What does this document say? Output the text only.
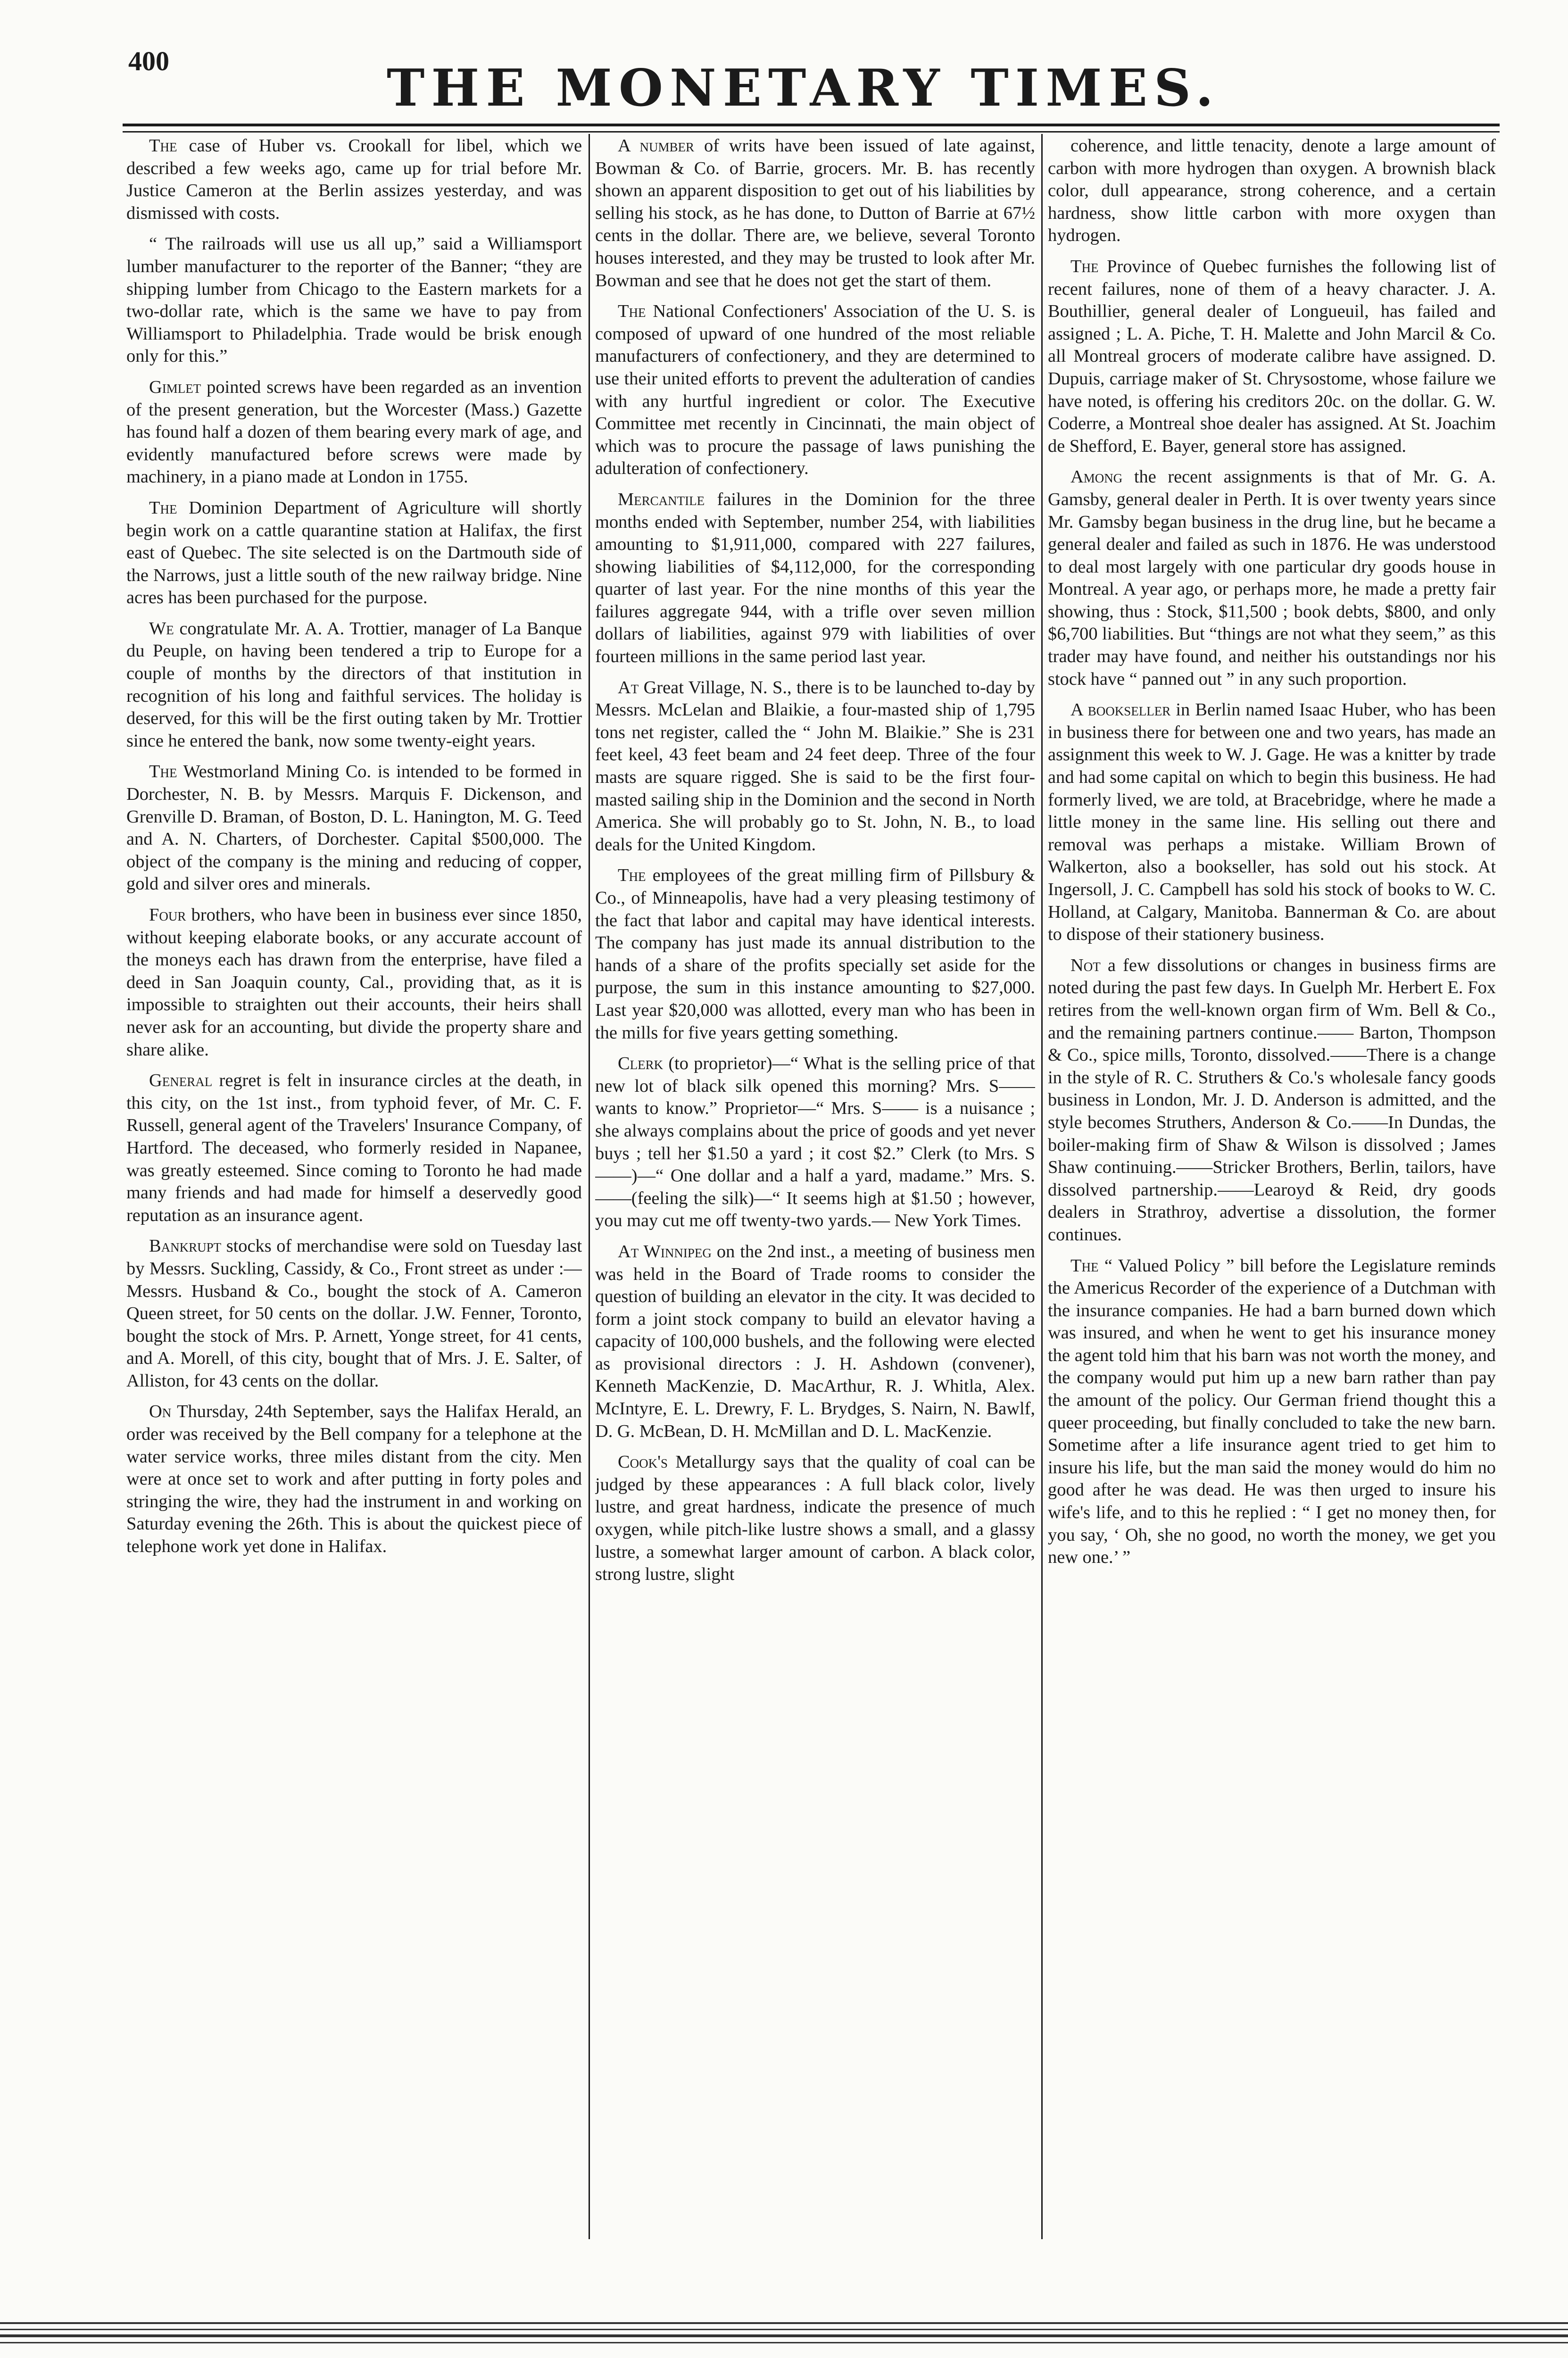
400	THE MONETARY TIMES.

The case of Huber vs. Crookall for libel, which we described a few weeks ago, came up for trial before Mr. Justice Cameron at the Berlin assizes yesterday, and was dismissed with costs.

“ The railroads will use us all up,” said a Williamsport lumber manufacturer to the reporter of the Banner; “they are shipping lumber from Chicago to the Eastern markets for a two-dollar rate, which is the same we have to pay from Williamsport to Philadelphia. Trade would be brisk enough only for this.”

Gimlet pointed screws have been regarded as an invention of the present generation, but the Worcester (Mass.) Gazette has found half a dozen of them bearing every mark of age, and evidently manufactured before screws were made by machinery, in a piano made at London in 1755.

The Dominion Department of Agriculture will shortly begin work on a cattle quarantine station at Halifax, the first east of Quebec. The site selected is on the Dartmouth side of the Narrows, just a little south of the new railway bridge. Nine acres has been purchased for the purpose.

We congratulate Mr. A. A. Trottier, manager of La Banque du Peuple, on having been tendered a trip to Europe for a couple of months by the directors of that institution in recognition of his long and faithful services. The holiday is deserved, for this will be the first outing taken by Mr. Trottier since he entered the bank, now some twenty-eight years.

The Westmorland Mining Co. is intended to be formed in Dorchester, N. B. by Messrs. Marquis F. Dickenson, and Grenville D. Braman, of Boston, D. L. Hanington, M. G. Teed and A. N. Charters, of Dorchester. Capital $500,000. The object of the company is the mining and reducing of copper, gold and silver ores and minerals.

Four brothers, who have been in business ever since 1850, without keeping elaborate books, or any accurate account of the moneys each has drawn from the enterprise, have filed a deed in San Joaquin county, Cal., providing that, as it is impossible to straighten out their accounts, their heirs shall never ask for an accounting, but divide the property share and share alike.

General regret is felt in insurance circles at the death, in this city, on the 1st inst., from typhoid fever, of Mr. C. F. Russell, general agent of the Travelers' Insurance Company, of Hartford. The deceased, who formerly resided in Napanee, was greatly esteemed. Since coming to Toronto he had made many friends and had made for himself a deservedly good reputation as an insurance agent.

Bankrupt stocks of merchandise were sold on Tuesday last by Messrs. Suckling, Cassidy, & Co., Front street as under :—Messrs. Husband & Co., bought the stock of A. Cameron Queen street, for 50 cents on the dollar. J.W. Fenner, Toronto, bought the stock of Mrs. P. Arnett, Yonge street, for 41 cents, and A. Morell, of this city, bought that of Mrs. J. E. Salter, of Alliston, for 43 cents on the dollar.

On Thursday, 24th September, says the Halifax Herald, an order was received by the Bell company for a telephone at the water service works, three miles distant from the city. Men were at once set to work and after putting in forty poles and stringing the wire, they had the instrument in and working on Saturday evening the 26th. This is about the quickest piece of telephone work yet done in Halifax.

A number of writs have been issued of late against, Bowman & Co. of Barrie, grocers. Mr. B. has recently shown an apparent disposition to get out of his liabilities by selling his stock, as he has done, to Dutton of Barrie at 67½ cents in the dollar. There are, we believe, several Toronto houses interested, and they may be trusted to look after Mr. Bowman and see that he does not get the start of them.

The National Confectioners' Association of the U. S. is composed of upward of one hundred of the most reliable manufacturers of confectionery, and they are determined to use their united efforts to prevent the adulteration of candies with any hurtful ingredient or color. The Executive Committee met recently in Cincinnati, the main object of which was to procure the passage of laws punishing the adulteration of confectionery.

Mercantile failures in the Dominion for the three months ended with September, number 254, with liabilities amounting to $1,911,000, compared with 227 failures, showing liabilities of $4,112,000, for the corresponding quarter of last year. For the nine months of this year the failures aggregate 944, with a trifle over seven million dollars of liabilities, against 979 with liabilities of over fourteen millions in the same period last year.

At Great Village, N. S., there is to be launched to-day by Messrs. McLelan and Blaikie, a four-masted ship of 1,795 tons net register, called the “ John M. Blaikie.” She is 231 feet keel, 43 feet beam and 24 feet deep. Three of the four masts are square rigged. She is said to be the first four-masted sailing ship in the Dominion and the second in North America. She will probably go to St. John, N. B., to load deals for the United Kingdom.

The employees of the great milling firm of Pillsbury & Co., of Minneapolis, have had a very pleasing testimony of the fact that labor and capital may have identical interests. The company has just made its annual distribution to the hands of a share of the profits specially set aside for the purpose, the sum in this instance amounting to $27,000. Last year $20,000 was allotted, every man who has been in the mills for five years getting something.

Clerk (to proprietor)—“ What is the selling price of that new lot of black silk opened this morning? Mrs. S—— wants to know.” Proprietor—“ Mrs. S—— is a nuisance ; she always complains about the price of goods and yet never buys ; tell her $1.50 a yard ; it cost $2.” Clerk (to Mrs. S——)—“ One dollar and a half a yard, madame.” Mrs. S.——(feeling the silk)—“ It seems high at $1.50 ; however, you may cut me off twenty-two yards.— New York Times.

At Winnipeg on the 2nd inst., a meeting of business men was held in the Board of Trade rooms to consider the question of building an elevator in the city. It was decided to form a joint stock company to build an elevator having a capacity of 100,000 bushels, and the following were elected as provisional directors : J. H. Ashdown (convener), Kenneth MacKenzie, D. MacArthur, R. J. Whitla, Alex. McIntyre, E. L. Drewry, F. L. Brydges, S. Nairn, N. Bawlf, D. G. McBean, D. H. McMillan and D. L. MacKenzie.

Cook's Metallurgy says that the quality of coal can be judged by these appearances : A full black color, lively lustre, and great hardness, indicate the presence of much oxygen, while pitch-like lustre shows a small, and a glassy lustre, a somewhat larger amount of carbon. A black color, strong lustre, slight

coherence, and little tenacity, denote a large amount of carbon with more hydrogen than oxygen. A brownish black color, dull appearance, strong coherence, and a certain hardness, show little carbon with more oxygen than hydrogen.

The Province of Quebec furnishes the following list of recent failures, none of them of a heavy character. J. A. Bouthillier, general dealer of Longueuil, has failed and assigned ; L. A. Piche, T. H. Malette and John Marcil & Co. all Montreal grocers of moderate calibre have assigned. D. Dupuis, carriage maker of St. Chrysostome, whose failure we have noted, is offering his creditors 20c. on the dollar. G. W. Coderre, a Montreal shoe dealer has assigned. At St. Joachim de Shefford, E. Bayer, general store has assigned.

Among the recent assignments is that of Mr. G. A. Gamsby, general dealer in Perth. It is over twenty years since Mr. Gamsby began business in the drug line, but he became a general dealer and failed as such in 1876. He was understood to deal most largely with one particular dry goods house in Montreal. A year ago, or perhaps more, he made a pretty fair showing, thus : Stock, $11,500 ; book debts, $800, and only $6,700 liabilities. But “things are not what they seem,” as this trader may have found, and neither his outstandings nor his stock have “ panned out ” in any such proportion.

A bookseller in Berlin named Isaac Huber, who has been in business there for between one and two years, has made an assignment this week to W. J. Gage. He was a knitter by trade and had some capital on which to begin this business. He had formerly lived, we are told, at Bracebridge, where he made a little money in the same line. His selling out there and removal was perhaps a mistake. William Brown of Walkerton, also a bookseller, has sold out his stock. At Ingersoll, J. C. Campbell has sold his stock of books to W. C. Holland, at Calgary, Manitoba. Bannerman & Co. are about to dispose of their stationery business.

Not a few dissolutions or changes in business firms are noted during the past few days. In Guelph Mr. Herbert E. Fox retires from the well-known organ firm of Wm. Bell & Co., and the remaining partners continue.—— Barton, Thompson & Co., spice mills, Toronto, dissolved.——There is a change in the style of R. C. Struthers & Co.'s wholesale fancy goods business in London, Mr. J. D. Anderson is admitted, and the style becomes Struthers, Anderson & Co.——In Dundas, the boiler-making firm of Shaw & Wilson is dissolved ; James Shaw continuing.——Stricker Brothers, Berlin, tailors, have dissolved partnership.——Learoyd & Reid, dry goods dealers in Strathroy, advertise a dissolution, the former continues.

The “ Valued Policy ” bill before the Legislature reminds the Americus Recorder of the experience of a Dutchman with the insurance companies. He had a barn burned down which was insured, and when he went to get his insurance money the agent told him that his barn was not worth the money, and the company would put him up a new barn rather than pay the amount of the policy. Our German friend thought this a queer proceeding, but finally concluded to take the new barn. Sometime after a life insurance agent tried to get him to insure his life, but the man said the money would do him no good after he was dead. He was then urged to insure his wife's life, and to this he replied : “ I get no money then, for you say, ‘ Oh, she no good, no worth the money, we get you new one.’ ”
